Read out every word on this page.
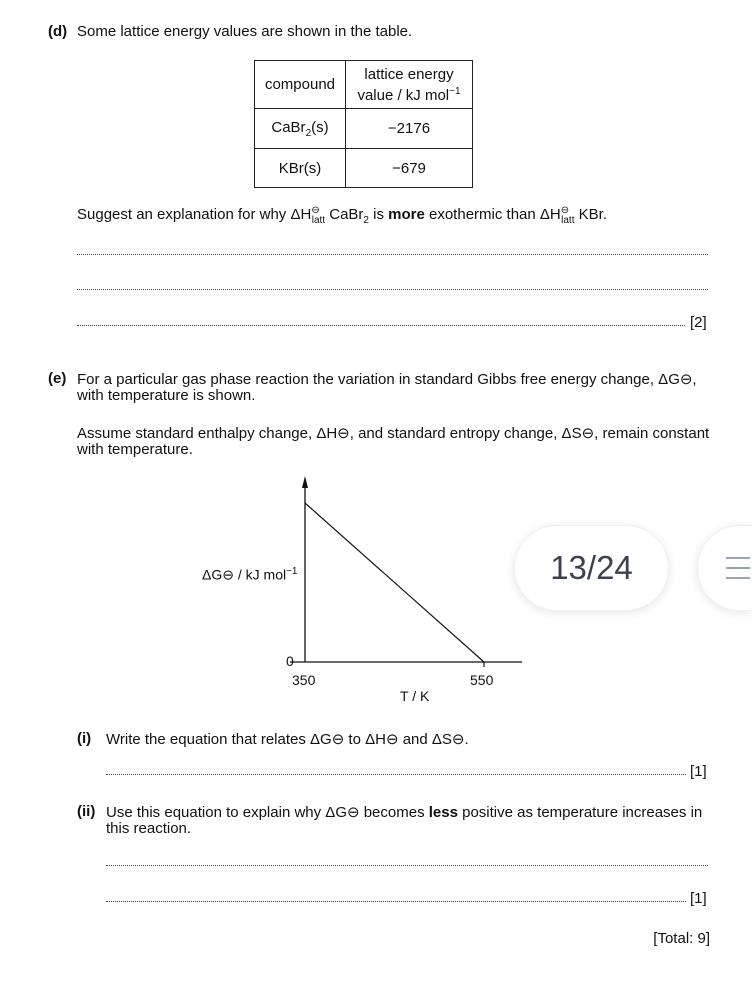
(d) Some lattice energy values are shown in the table.
compound	lattice energy
value / kJ mol$^{-1}$
CaBr$_2$(s)	−2176
KBr(s)	−679
Suggest an explanation for why $\Delta H^⊖_{latt}$ CaBr$_2$ is more exothermic than $\Delta H^⊖_{latt}$ KBr.
[2]
(e) For a particular gas phase reaction the variation in standard Gibbs free energy change, ΔG⊖,
with temperature is shown.
Assume standard enthalpy change, ΔH⊖, and standard entropy change, ΔS⊖, remain constant
with temperature.
ΔG⊖ / kJ mol$^{-1}$
0
350	550
T / K
13/24
(i) Write the equation that relates ΔG⊖ to ΔH⊖ and ΔS⊖.
[1]
(ii) Use this equation to explain why ΔG⊖ becomes less positive as temperature increases in
this reaction.
[1]
[Total: 9]
